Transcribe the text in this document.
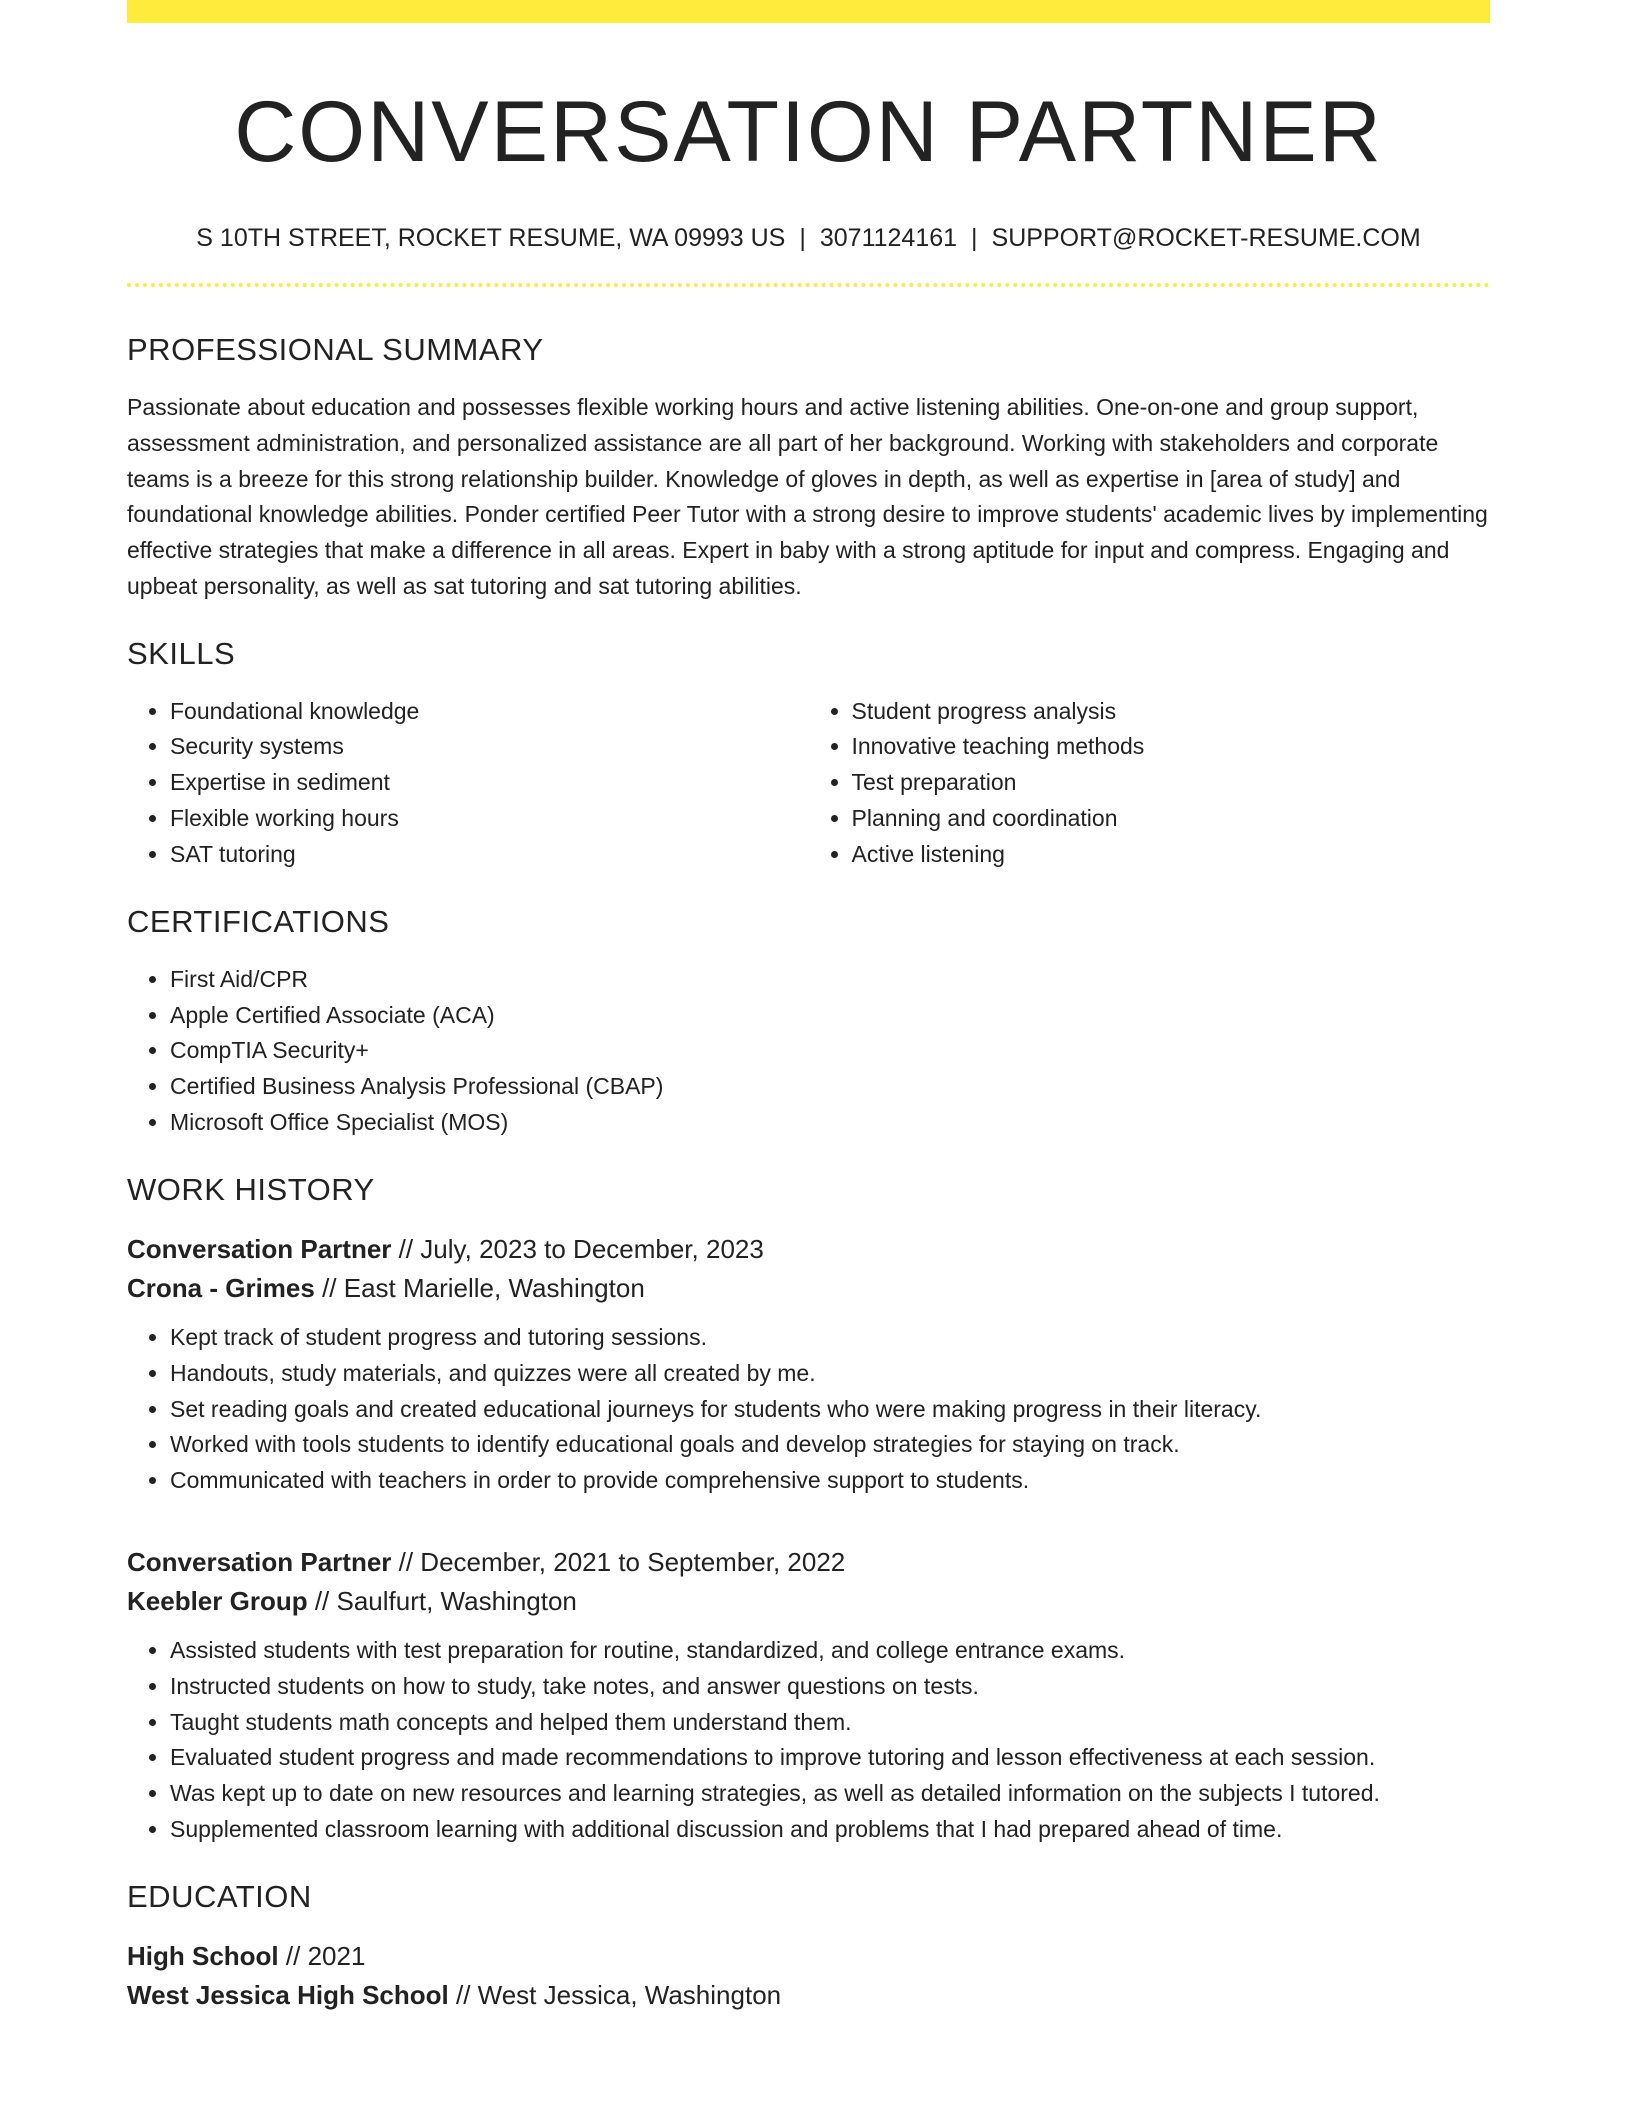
CONVERSATION PARTNER
S 10TH STREET, ROCKET RESUME, WA 09993 US | 3071124161 | SUPPORT@ROCKET-RESUME.COM
PROFESSIONAL SUMMARY
Passionate about education and possesses flexible working hours and active listening abilities. One-on-one and group support, assessment administration, and personalized assistance are all part of her background. Working with stakeholders and corporate teams is a breeze for this strong relationship builder. Knowledge of gloves in depth, as well as expertise in [area of study] and foundational knowledge abilities. Ponder certified Peer Tutor with a strong desire to improve students' academic lives by implementing effective strategies that make a difference in all areas. Expert in baby with a strong aptitude for input and compress. Engaging and upbeat personality, as well as sat tutoring and sat tutoring abilities.
SKILLS
• Foundational knowledge
• Security systems
• Expertise in sediment
• Flexible working hours
• SAT tutoring
• Student progress analysis
• Innovative teaching methods
• Test preparation
• Planning and coordination
• Active listening
CERTIFICATIONS
• First Aid/CPR
• Apple Certified Associate (ACA)
• CompTIA Security+
• Certified Business Analysis Professional (CBAP)
• Microsoft Office Specialist (MOS)
WORK HISTORY
Conversation Partner // July, 2023 to December, 2023
Crona - Grimes // East Marielle, Washington
• Kept track of student progress and tutoring sessions.
• Handouts, study materials, and quizzes were all created by me.
• Set reading goals and created educational journeys for students who were making progress in their literacy.
• Worked with tools students to identify educational goals and develop strategies for staying on track.
• Communicated with teachers in order to provide comprehensive support to students.
Conversation Partner // December, 2021 to September, 2022
Keebler Group // Saulfurt, Washington
• Assisted students with test preparation for routine, standardized, and college entrance exams.
• Instructed students on how to study, take notes, and answer questions on tests.
• Taught students math concepts and helped them understand them.
• Evaluated student progress and made recommendations to improve tutoring and lesson effectiveness at each session.
• Was kept up to date on new resources and learning strategies, as well as detailed information on the subjects I tutored.
• Supplemented classroom learning with additional discussion and problems that I had prepared ahead of time.
EDUCATION
High School // 2021
West Jessica High School // West Jessica, Washington
